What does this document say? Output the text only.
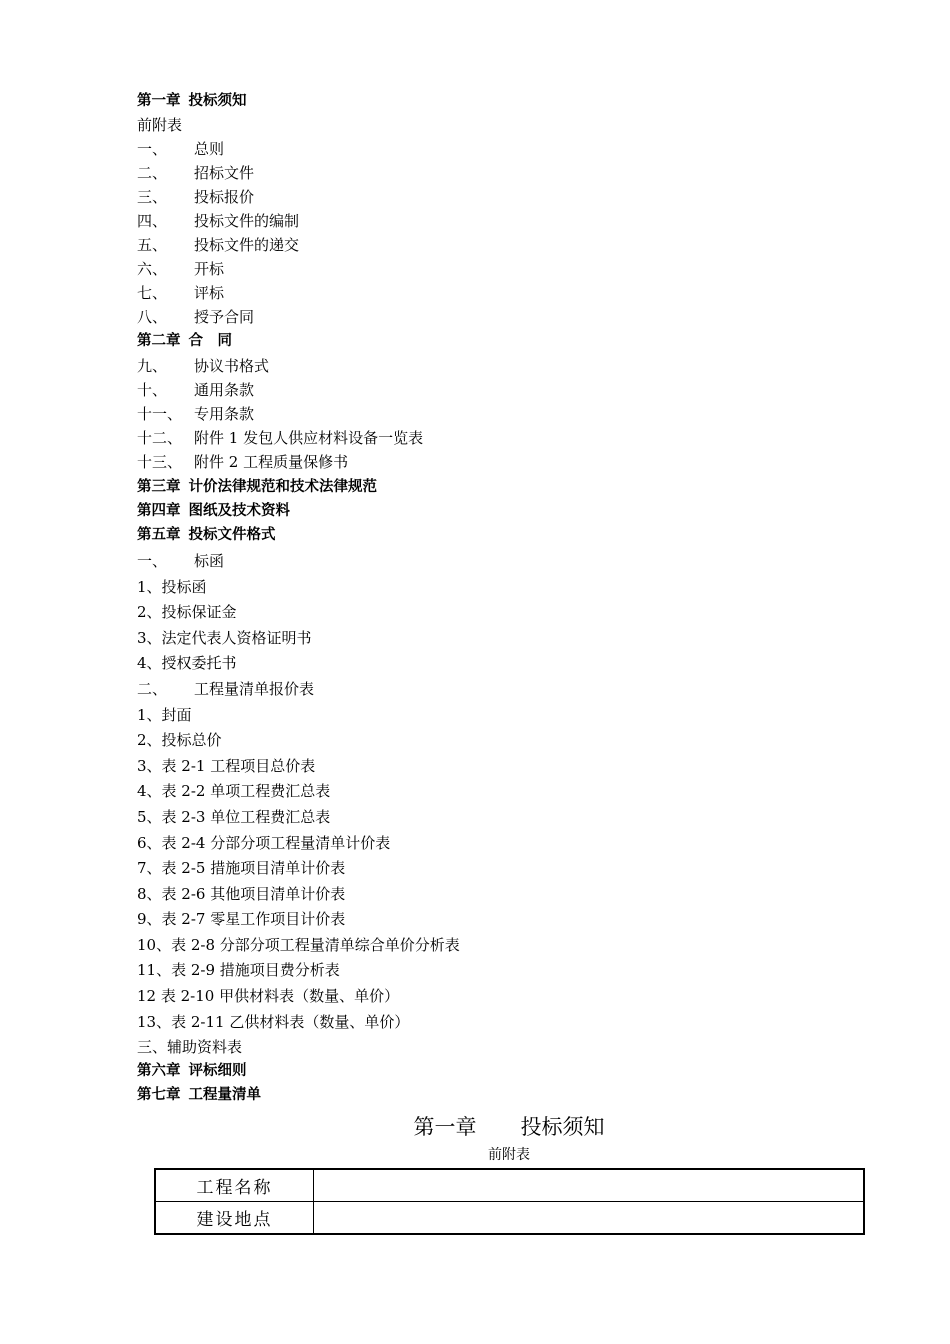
第一章 投标须知
前附表
一、 总则
二、 招标文件
三、 投标报价
四、 投标文件的编制
五、 投标文件的递交
六、 开标
七、 评标
八、 授予合同
第二章 合　同
九、 协议书格式
十、 通用条款
十一、 专用条款
十二、 附件 1 发包人供应材料设备一览表
十三、 附件 2 工程质量保修书
第三章 计价法律规范和技术法律规范
第四章 图纸及技术资料
第五章 投标文件格式
一、 标函
1、投标函
2、投标保证金
3、法定代表人资格证明书
4、授权委托书
二、 工程量清单报价表
1、封面
2、投标总价
3、表 2-1 工程项目总价表
4、表 2-2 单项工程费汇总表
5、表 2-3 单位工程费汇总表
6、表 2-4 分部分项工程量清单计价表
7、表 2-5 措施项目清单计价表
8、表 2-6 其他项目清单计价表
9、表 2-7 零星工作项目计价表
10、表 2-8 分部分项工程量清单综合单价分析表
11、表 2-9 措施项目费分析表
12 表 2-10 甲供材料表（数量、单价）
13、表 2-11 乙供材料表（数量、单价）
三、辅助资料表
第六章 评标细则
第七章 工程量清单
第一章 投标须知
前附表
工程名称	
建设地点	
